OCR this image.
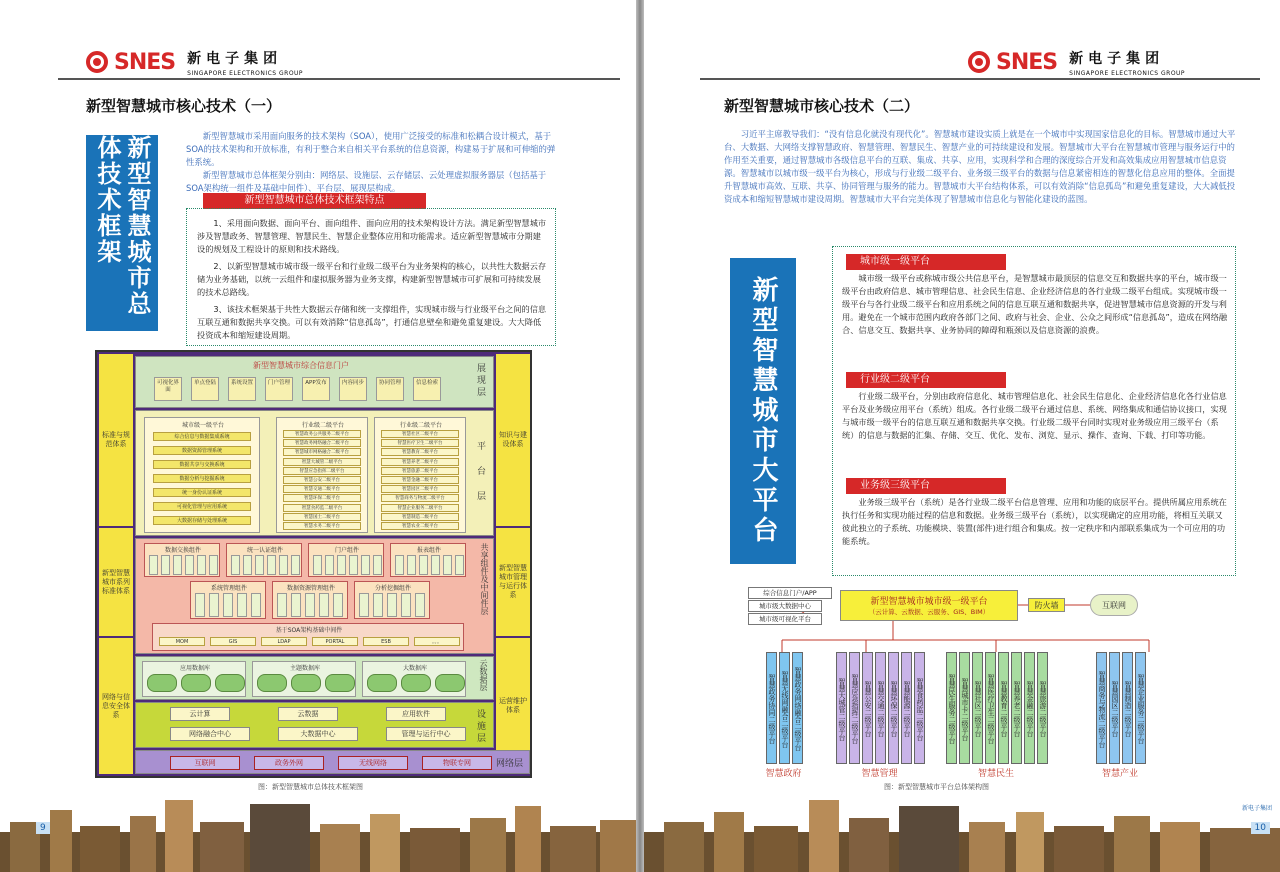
SNES 新电子集团
SINGAPORE ELECTRONICS GROUP
新型智慧城市核心技术（一）
新型智慧城市总体技术框架	新型智慧城市采用面向服务的技术架构（SOA），使用广泛接受的标准和松耦合设计模式，基于SOA的技术架构和开放标准，有利于整合来自相关平台系统的信息资源，构建易于扩展和可伸缩的弹性系统。

新型智慧城市总体框架分别由：网络层、设施层、云存储层、云处理虚拟服务器层（包括基于SOA架构统一组件及基础中间件）、平台层、展现层构成。

新型智慧城市总体技术框架特点

1、采用面向数据、面向平台、面向组件、面向应用的技术架构设计方法。满足新型智慧城市涉及智慧政务、智慧管理、智慧民生、智慧企业整体应用和功能需求。适应新型智慧城市分期建设的规划及工程设计的原则和技术路线。

2、以新型智慧城市城市级一级平台和行业级二级平台为业务架构的核心，以共性大数据云存储为业务基础，以统一云组件和虚拟服务器为业务支撑，构建新型智慧城市可扩展和可持续发展的技术总路线。

3、该技术框架基于共性大数据云存储和统一支撑组件，实现城市级与行业级平台之间的信息互联互通和数据共享交换。可以有效消除“信息孤岛”，打通信息壁垒和避免重复建设。大大降低投资成本和缩短建设周期。

标准与规范体系
新型智慧城市系列标准体系
网络与信息安全体系
知识与建设体系
新型智慧城市管理与运行体系
运营维护体系
新型智慧城市综合信息门户
可视化界面
单点登陆	系统设置	门户管理	APP发布	内容同步	协同管理	信息检索	展现层
城市级一级平台
综合信息与数据集成系统
数据资源管理系统
数据共享与交换系统
数据分析与挖掘系统
统一身份认证系统
可视化管理与应用系统
大数据存储与处理系统
行业级二级平台
智慧政务公共服务二级平台
智慧政务网络融合二级平台
智慧城市网格融合二级平台
智慧大城管二级平台
智慧应急指挥二级平台
智慧公安二级平台
智慧交通二级平台
智慧环保二级平台
智慧食药监二级平台
智慧国土二级平台
智慧水务二级平台
行业级二级平台
智慧社区二级平台
智慧医疗卫生二级平台
智慧教育二级平台
智慧养老二级平台
智慧旅游二级平台
智慧金融二级平台
智慧园区二级平台
智慧商务与物流二级平台
智慧企业服务二级平台
智慧制造二级平台
智慧农业二级平台
平台层
数据交换组件	统一认证组件	门户组件	报表组件
系统管理组件	数据资源管理组件	分析挖掘组件
基于SOA架构基础中间件
MOM	GIS	LDAP	PORTAL	ESB	。。。
共享组件及中间件层
应用数据库	主题数据库	大数据库	云数据层
云计算	云数据	应用软件
网络融合中心	大数据中心	管理与运行中心	设施层
互联网	政务外网	无线网络	物联专网	网络层
图：新型智慧城市总体技术框架图
9
SNES 新电子集团
SINGAPORE ELECTRONICS GROUP
新型智慧城市核心技术（二）

习近平主席教导我们：“没有信息化就没有现代化”。智慧城市建设实质上就是在一个城市中实现国家信息化的目标。智慧城市通过大平台、大数据、大网络支撑智慧政府、智慧管理、智慧民生、智慧产业的可持续建设和发展。智慧城市大平台在智慧城市管理与服务运行中的作用至关重要，通过智慧城市各级信息平台的互联、集成、共享、应用，实现科学和合理的深度综合开发和高效集成应用智慧城市信息资源。智慧城市以城市级一级平台为核心，形成与行业级二级平台、业务级三级平台的数据与信息紧密相连的智慧化信息应用的整体。全面提升智慧城市高效、互联、共享、协同管理与服务的能力。智慧城市大平台结构体系，可以有效消除“信息孤岛”和避免重复建设，大大减低投资成本和缩短智慧城市建设周期。智慧城市大平台完美体现了智慧城市信息化与智能化建设的蓝图。

新型智慧城市大平台
城市级一级平台

城市级一级平台或称城市级公共信息平台，是智慧城市最顶层的信息交互和数据共享的平台，城市级一级平台由政府信息、城市管理信息、社会民生信息、企业经济信息的各行业级二级平台组成。实现城市级一级平台与各行业级二级平台和应用系统之间的信息互联互通和数据共享，促进智慧城市信息资源的开发与利用。避免在一个城市范围内政府各部门之间、政府与社会、企业、公众之间形成“信息孤岛”，造成在网络融合、信息交互、数据共享、业务协同的障碍和瓶颈以及信息资源的浪费。

行业级二级平台

行业级二级平台，分别由政府信息化、城市管理信息化、社会民生信息化、企业经济信息化各行业信息平台及业务级应用平台（系统）组成。各行业级二级平台通过信息、系统、网络集成和通信协议接口，实现与城市级一级平台的信息互联互通和数据共享交换。行业级二级平台同时实现对业务级应用三级平台（系统）的信息与数据的汇集、存储、交互、优化、发布、浏览、显示、操作、查询、下载、打印等功能。

业务级三级平台

业务级三级平台（系统）是各行业级二级平台信息管理、应用和功能的底层平台。提供所属应用系统在执行任务和实现功能过程的信息和数据。业务级三级平台（系统），以实现确定的应用功能，将相互关联又彼此独立的子系统、功能模块、装置(部件)进行组合和集成。按一定秩序和内部联系集成为一个可应用的功能系统。

综合信息门户/APP
城市级大数据中心
城市级可视化平台
新型智慧城市城市级一级平台
（云计算、云数据、云服务、GIS、BIM）
防火墙	互联网
智慧政务协同二级平台 智慧无线网融合二级平台 智慧政务网络融合二级平台
智慧政府
智慧大城管二级平台 智慧应急指挥二级平台 智慧公安二级平台 智慧交通二级平台 智慧环保二级平台 智慧能源二级平台 智慧食药监二级平台
智慧管理
智慧民生服务二级平台 智慧城市卡二级平台 智慧社区二级平台 智慧医疗卫生二级平台 智慧教育二级平台 智慧养老二级平台 智慧金融二级平台 智慧旅游二级平台
智慧民生
智慧商务与物流二级平台 智慧园区二级平台 智慧制造二级平台 智慧企业服务二级平台
智慧产业
图：新型智慧城市平台总体架构图
新电子集团
10
